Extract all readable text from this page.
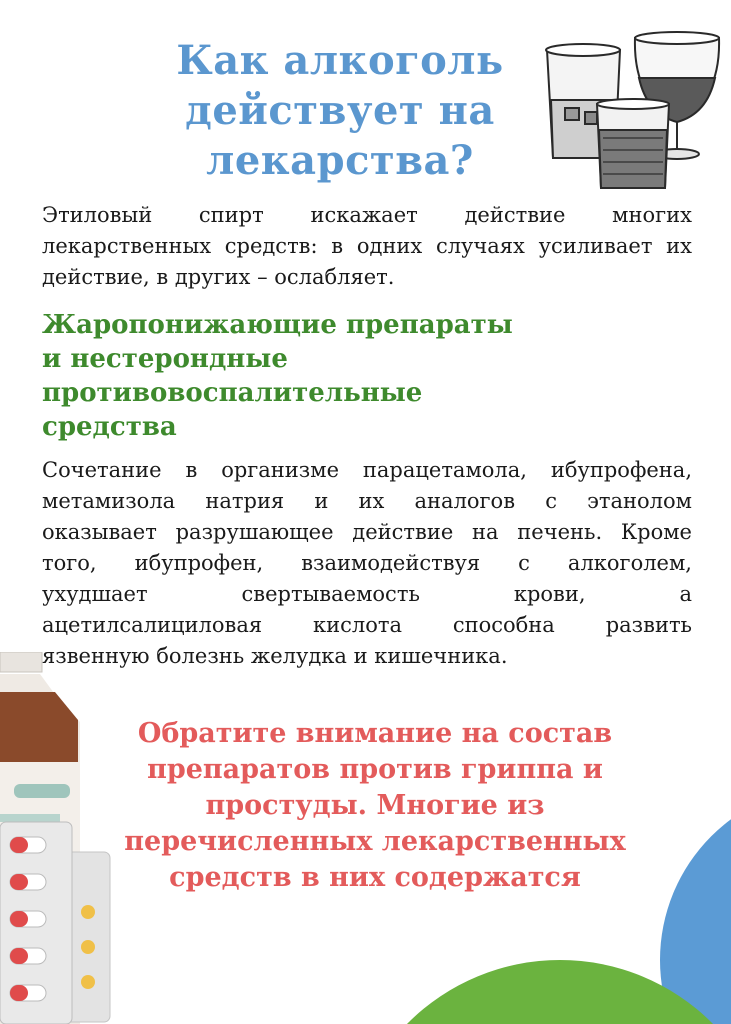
Как алкоголь
действует на
лекарства?
Этиловый спирт искажает действие многих
лекарственных средств: в одних случаях усиливает их
действие, в других – ослабляет.
Жаропонижающие препараты
и нестерондные
противовоспалительные
средства
Сочетание в организме парацетамола, ибупрофена,
метамизола натрия и их аналогов с этанолом
оказывает разрушающее действие на печень. Кроме
того, ибупрофен, взаимодействуя с алкоголем,
ухудшает свертываемость крови, а
ацетилсалициловая кислота способна развить
язвенную болезнь желудка и кишечника.
Обратите внимание на состав
препаратов против гриппа и
простуды. Многие из
перечисленных лекарственных
средств в них содержатся
